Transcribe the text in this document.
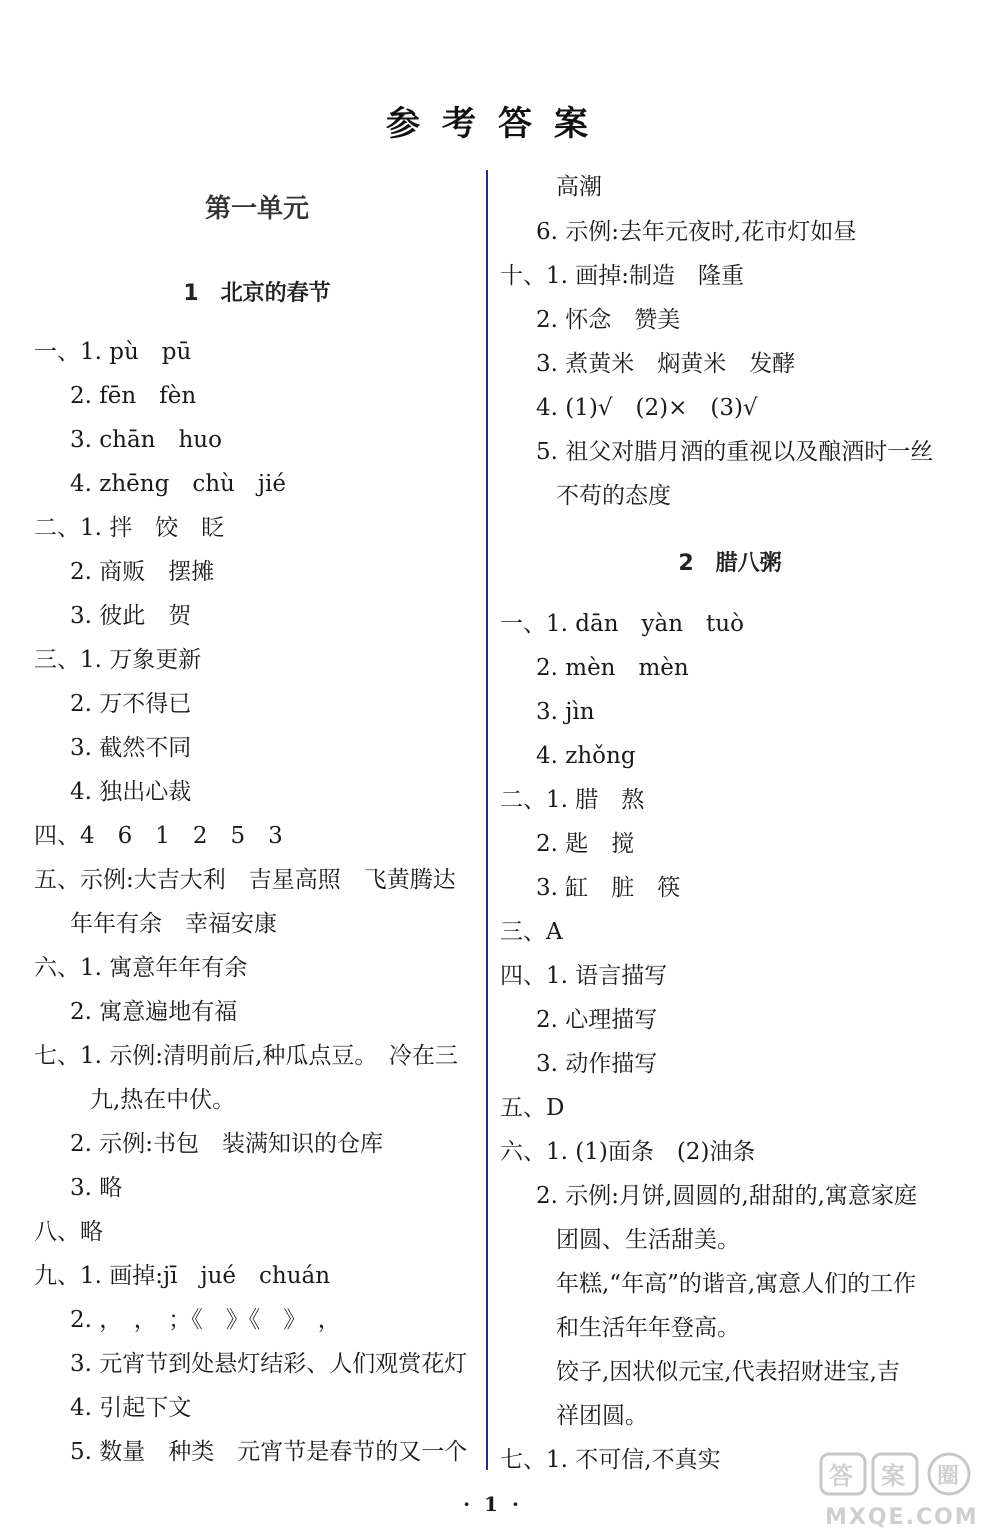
参考答案
第一单元
1　北京的春节
一、1. pù　pū
2. fēn　fèn
3. chān　huo
4. zhēng　chù　jié
二、1. 拌　饺　眨
2. 商贩　摆摊
3. 彼此　贺
三、1. 万象更新
2. 万不得已
3. 截然不同
4. 独出心裁
四、4　6　1　2　5　3
五、示例:大吉大利　吉星高照　飞黄腾达
年年有余　幸福安康
六、1. 寓意年年有余
2. 寓意遍地有福
七、1. 示例:清明前后,种瓜点豆。　冷在三
九,热在中伏。
2. 示例:书包　装满知识的仓库
3. 略
八、略
九、1. 画掉:jī　jué　chuán
2. ，　，　；《　》《　》　，
3. 元宵节到处悬灯结彩、人们观赏花灯
4. 引起下文
5. 数量　种类　元宵节是春节的又一个
高潮
6. 示例:去年元夜时,花市灯如昼
十、1. 画掉:制造　隆重
2. 怀念　赞美
3. 煮黄米　焖黄米　发酵
4. (1)√　(2)×　(3)√
5. 祖父对腊月酒的重视以及酿酒时一丝
不苟的态度
2　腊八粥
一、1. dān　yàn　tuò
2. mèn　mèn
3. jìn
4. zhǒng
二、1. 腊　熬
2. 匙　搅
3. 缸　脏　筷
三、A
四、1. 语言描写
2. 心理描写
3. 动作描写
五、D
六、1. (1)面条　(2)油条
2. 示例:月饼,圆圆的,甜甜的,寓意家庭
团圆、生活甜美。
年糕,“年高”的谐音,寓意人们的工作
和生活年年登高。
饺子,因状似元宝,代表招财进宝,吉
祥团圆。
七、1. 不可信,不真实
·1·
答 案 圈
MXQE.COM
